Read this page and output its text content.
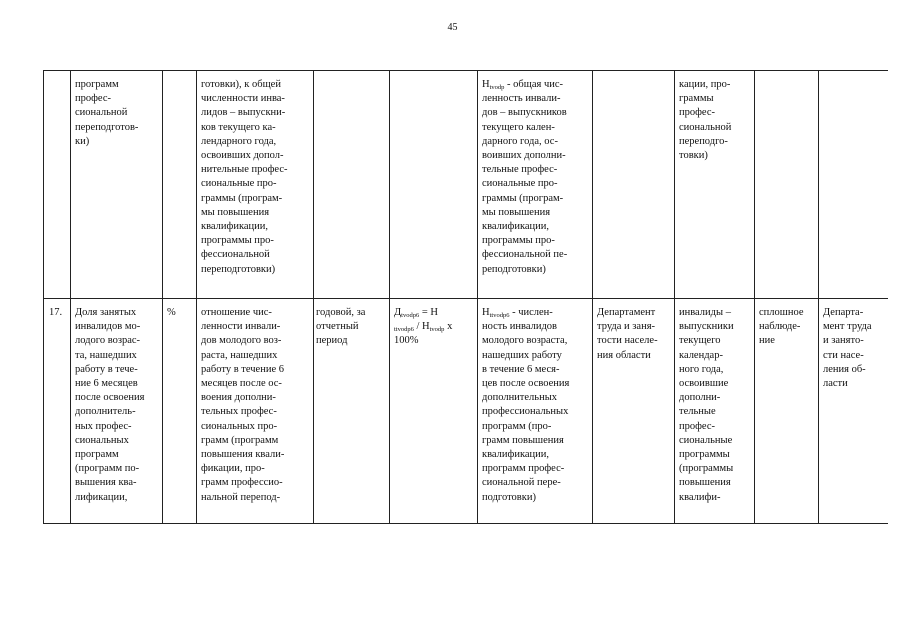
45
программ
профес-
сиональной
переподготов-
ки)
готовки), к общей
численности инва-
лидов – выпускни-
ков текущего ка-
лендарного года,
освоивших допол-
нительные профес-
сиональные про-
граммы (програм-
мы повышения
квалификации,
программы про-
фессиональной
переподготовки)
$Н_{tvodp}$ - общая чис-
ленность инвали-
дов – выпускников
текущего кален-
дарного года, ос-
воивших дополни-
тельные профес-
сиональные про-
граммы (програм-
мы повышения
квалификации,
программы про-
фессиональной пе-
реподготовки)
кации, про-
граммы
профес-
сиональной
переподго-
товки)
17.	Доля занятых
инвалидов мо-
лодого возрас-
та, нашедших
работу в тече-
ние 6 месяцев
после освоения
дополнитель-
ных профес-
сиональных
программ
(программ по-
вышения ква-
лификации,
%	отношение чис-
ленности инвали-
дов молодого воз-
раста, нашедших
работу в течение 6
месяцев после ос-
воения дополни-
тельных профес-
сиональных про-
грамм (программ
повышения квали-
фикации, про-
грамм профессио-
нальной перепод-
годовой, за
отчетный
период
$Д_{tvodp6} = Н$
$_{ttvodp6} / Н_{tvodp}$ х
100%
$Н_{ttvodp6}$ - числен-
ность инвалидов
молодого возраста,
нашедших работу
в течение 6 меся-
цев после освоения
дополнительных
профессиональных
программ (про-
грамм повышения
квалификации,
программ профес-
сиональной пере-
подготовки)
Департамент
труда и заня-
тости населе-
ния области
инвалиды –
выпускники
текущего
календар-
ного года,
освоившие
дополни-
тельные
профес-
сиональные
программы
(программы
повышения
квалифи-
сплошное
наблюде-
ние
Департа-
мент труда
и занято-
сти насе-
ления об-
ласти
